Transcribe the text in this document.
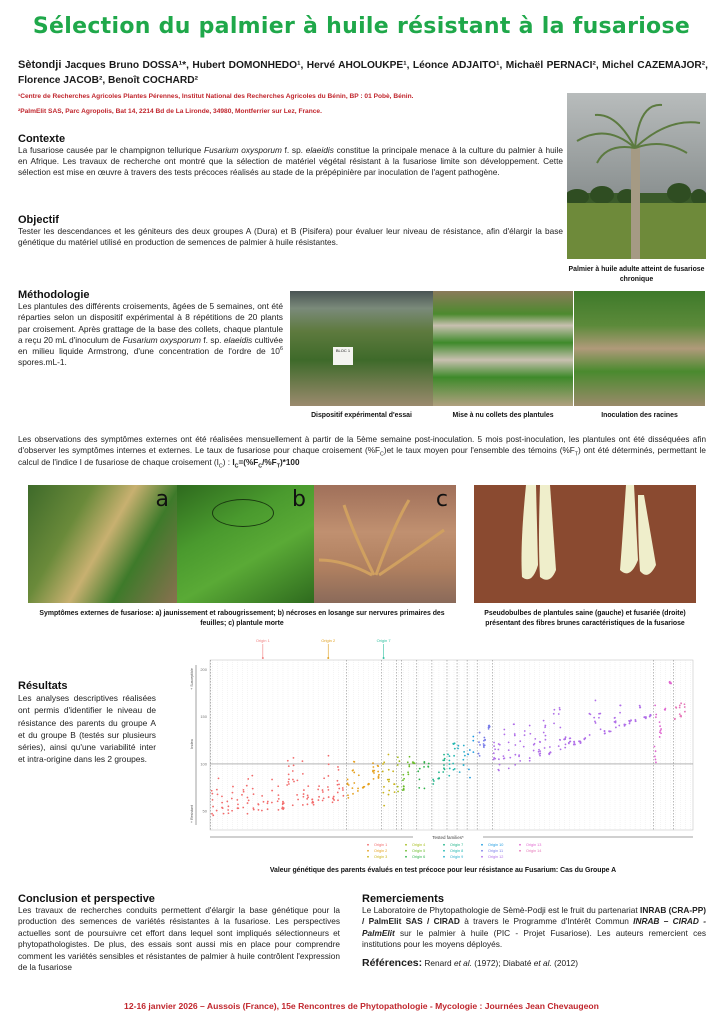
Sélection du palmier à huile résistant à la fusariose
Sètondji Jacques Bruno DOSSA¹*, Hubert DOMONHEDO¹, Hervé AHOLOUKPE¹, Léonce ADJAITO¹, Michaël PERNACI², Michel CAZEMAJOR², Florence JACOB², Benoît COCHARD²
¹Centre de Recherches Agricoles Plantes Pérennes, Institut National des Recherches Agricoles du Bénin, BP : 01 Pobè, Bénin.
²PalmElit SAS, Parc Agropolis, Bat 14, 2214 Bd de La Lironde, 34980, Montferrier sur Lez, France.
Contexte
La fusariose causée par le champignon tellurique Fusarium oxysporum f. sp. elaeidis constitue la principale menace à la culture du palmier à huile en Afrique. Les travaux de recherche ont montré que la sélection de matériel végétal résistant à la fusariose limite son développement. Cette sélection est mise en œuvre à travers des tests précoces réalisés au stade de la prépépinière par inoculation de l'agent pathogène.
Objectif
Tester les descendances et les géniteurs des deux groupes A (Dura) et B (Pisifera) pour évaluer leur niveau de résistance, afin d'élargir la base génétique du matériel utilisé en production de semences de palmier à huile résistantes.
Palmier à huile adulte atteint de fusariose chronique
Méthodologie
Les plantules des différents croisements, âgées de 5 semaines, ont été réparties selon un dispositif expérimental à 8 répétitions de 20 plants par croisement. Après grattage de la base des collets, chaque plantule a reçu 20 mL d'inoculum de Fusarium oxysporum f. sp. elaeidis cultivée en milieu liquide Armstrong, d'une concentration de l'ordre de $10^6$ spores.mL-1.
BLOC 1
Dispositif expérimental d'essai	Mise à nu collets des plantules	Inoculation des racines
Les observations des symptômes externes ont été réalisées mensuellement à partir de la 5ème semaine post-inoculation. 5 mois post-inoculation, les plantules ont été disséquées afin d'observer les symptômes internes et externes. Le taux de fusariose pour chaque croisement $(\%F_C)et$ le taux moyen pour l'ensemble des témoins $(\%F_T)$ ont été déterminés, permettant le calcul de l'indice I de fusariose de chaque croisement $(I_C)$ : $I_C=(\%F_C/\%F_T)*100$
a	b	c
Symptômes externes de fusariose: a) jaunissement et rabougrissement; b) nécroses en losange sur nervures primaires des feuilles; c) plantule morte
Pseudobulbes de plantules saine (gauche) et fusariée (droite) présentant des fibres brunes caractéristiques de la fusariose
Résultats
Les analyses descriptives réalisées ont permis d'identifier le niveau de résistance des parents du groupe A et du groupe B (testés sur plusieurs séries), ainsi qu'une variabilité inter et intra-origine dans les 2 groupes.
50
100
150
200
Index
+ Susceptible
+ Resistant
Origin 1	Origin 2	Origin 7
Tested families*
Origin 1	Origin 4	Origin 7	Origin 10	Origin 13
Origin 2	Origin 5	Origin 8	Origin 11	Origin 14
Origin 3	Origin 6	Origin 9	Origin 12
Valeur génétique des parents évalués en test précoce pour leur résistance au Fusarium: Cas du Groupe A
Conclusion et perspective
Les travaux de recherches conduits permettent d'élargir la base génétique pour la production des semences de variétés résistantes à la fusariose. Les perspectives actuelles sont de poursuivre cet effort dans lequel sont impliqués sélectionneurs et phytopathologistes. De plus, des essais sont aussi mis en place pour comprendre comment les variétés sensibles et résistantes de palmier à huile contrôlent l'expression de la fusariose
Remerciements
Le Laboratoire de Phytopathologie de Sèmè-Podji est le fruit du partenariat INRAB (CRA-PP) / PalmElit SAS / CIRAD à travers le Programme d'Intérêt Commun INRAB – CIRAD - PalmElit sur le palmier à huile (PIC - Projet Fusariose). Les auteurs remercient ces institutions pour les moyens déployés.
Références: Renard et al. (1972); Diabaté et al. (2012)
12-16 janvier 2026 – Aussois (France), 15e Rencontres de Phytopathologie - Mycologie : Journées Jean Chevaugeon
